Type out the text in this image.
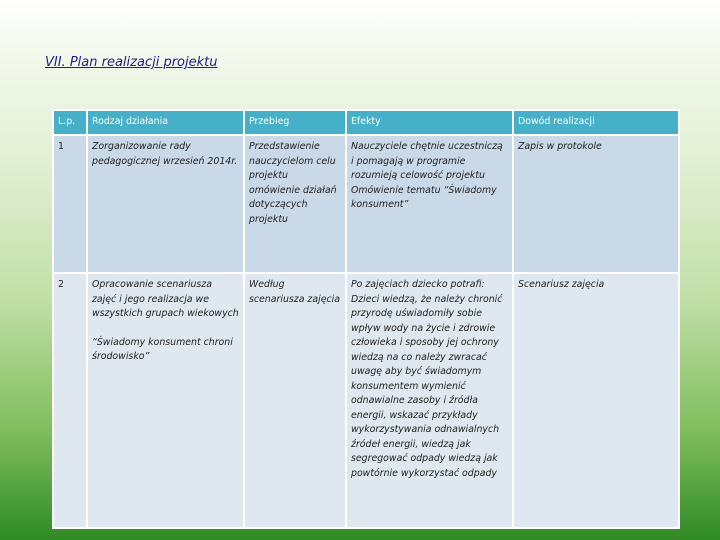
VII. Plan realizacji projektu

L.p.	Rodzaj działania	Przebieg	Efekty	Dowód realizacji
1	Zorganizowanie rady pedagogicznej wrzesień 2014r.	Przedstawienie nauczycielom celu projektu omówienie działań dotyczących projektu	Nauczyciele chętnie uczestniczą i pomagają w programie rozumieją celowość projektu Omówienie tematu “Świadomy konsument”	Zapis w protokole
2	Opracowanie scenariusza zajęć i jego realizacja we wszystkich grupach wiekowych
“Świadomy konsument chroni środowisko”	Według scenariusza zajęcia	Po zajęciach dziecko potrafi: Dzieci wiedzą, że należy chronić przyrodę uświadomiły sobie wpływ wody na życie i zdrowie człowieka i sposoby jej ochrony wiedzą na co należy zwracać uwagę aby być świadomym konsumentem wymienić odnawialne zasoby i źródła energii, wskazać przykłady wykorzystywania odnawialnych źródeł energii, wiedzą jak segregować odpady wiedzą jak powtórnie wykorzystać odpady	Scenariusz zajęcia
